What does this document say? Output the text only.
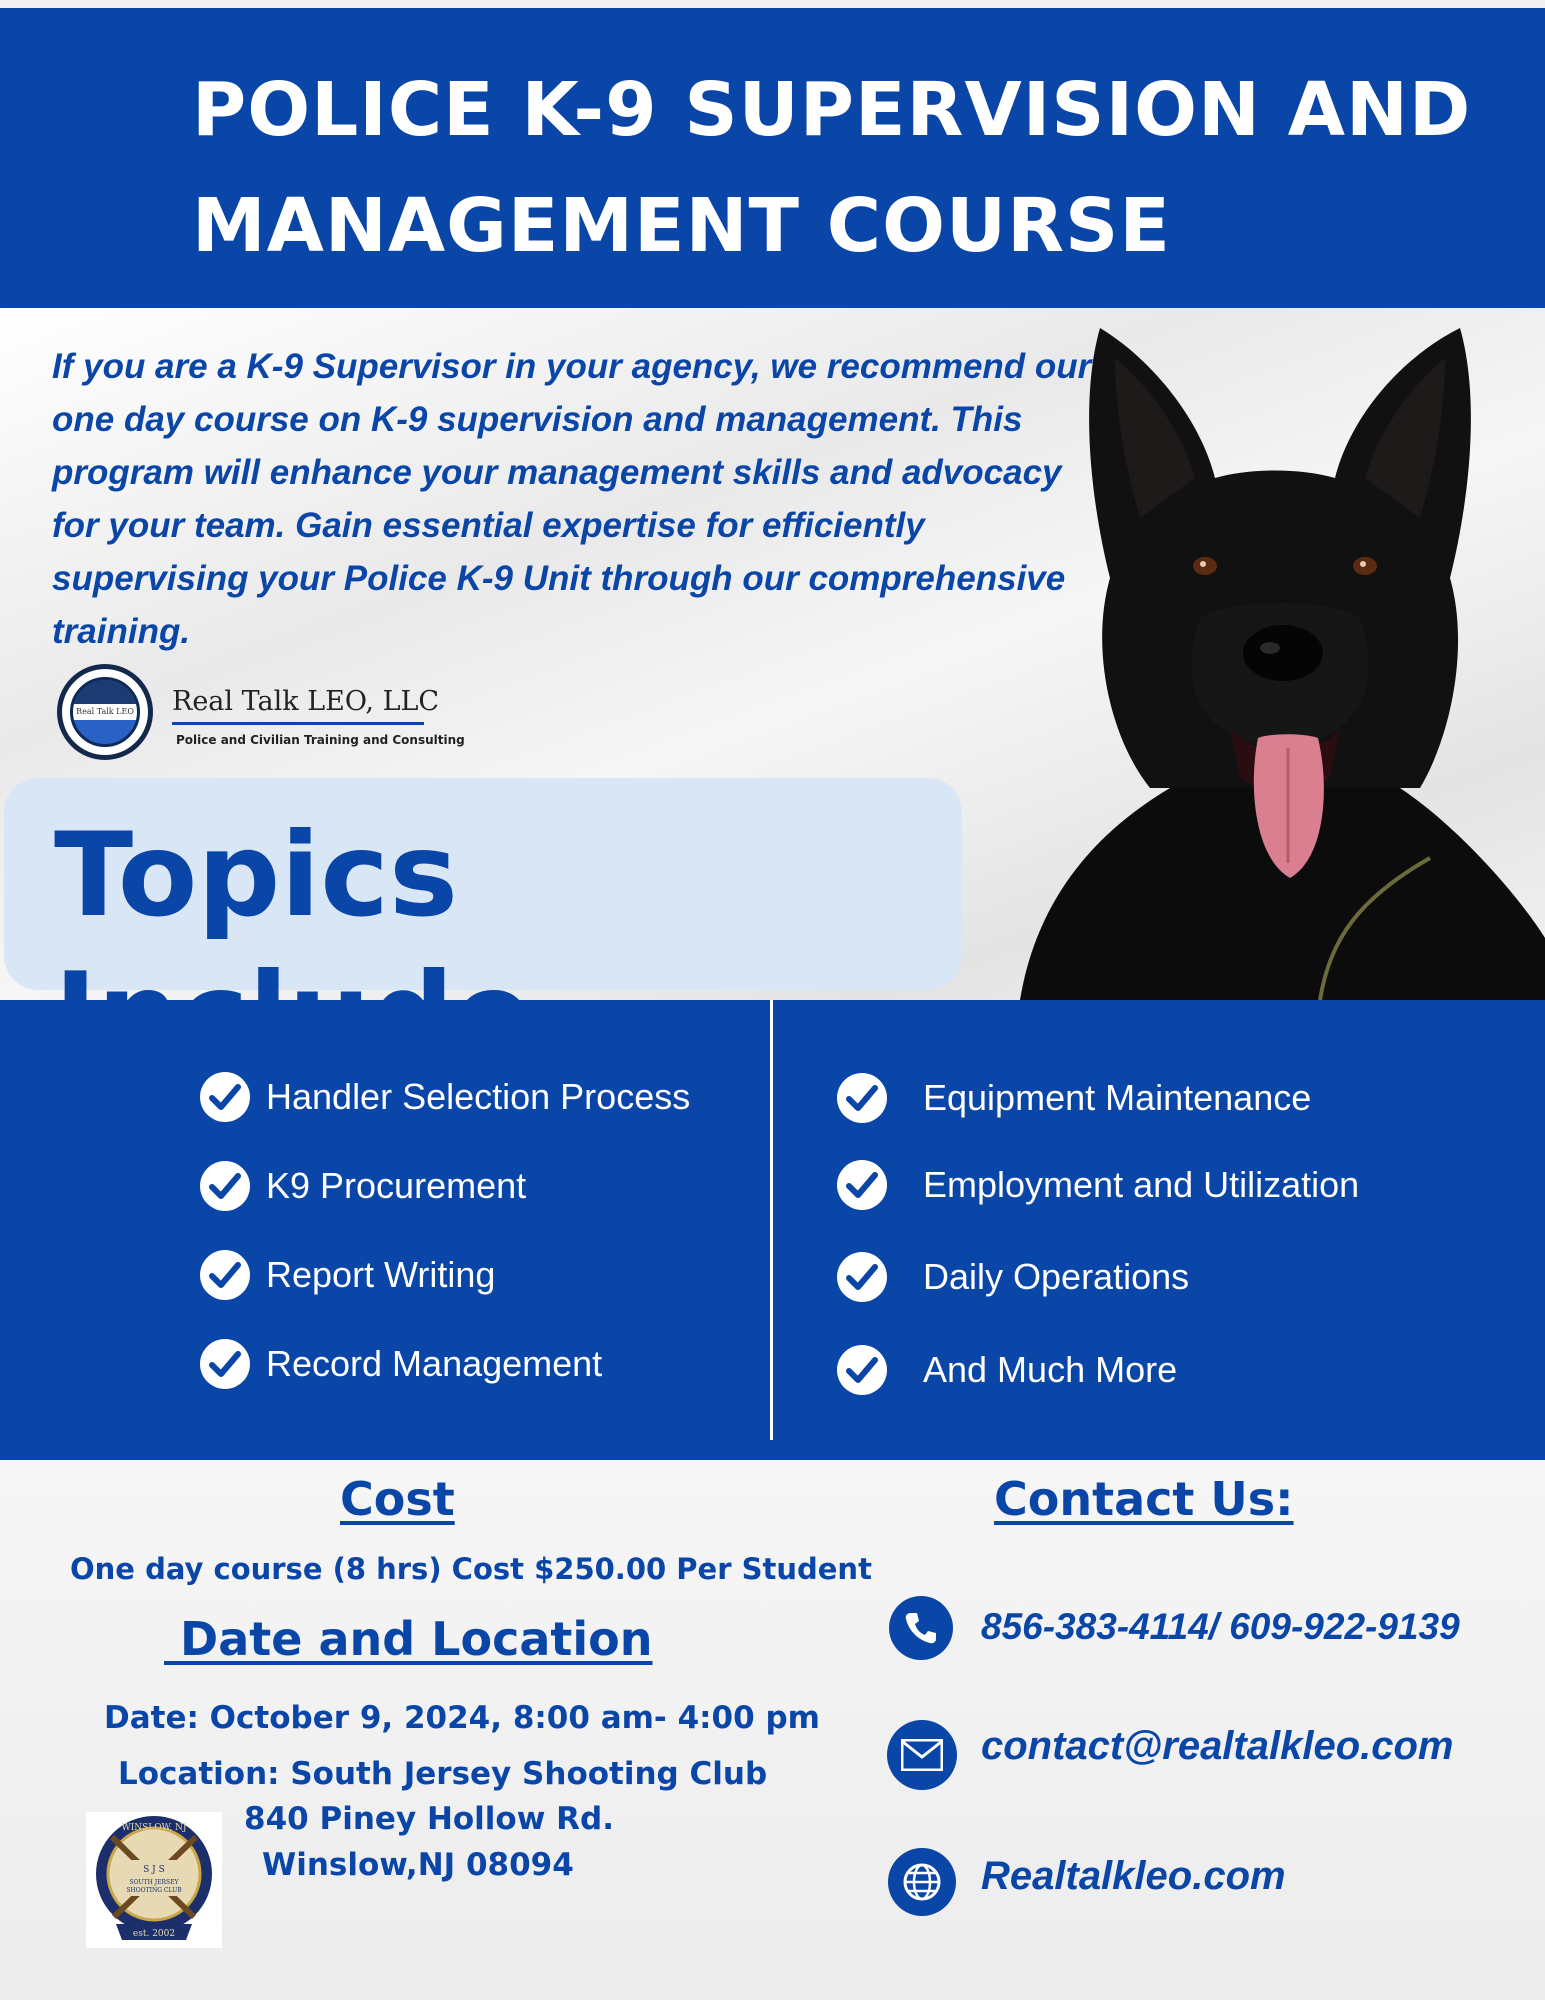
POLICE K-9 SUPERVISION AND
MANAGEMENT COURSE

If you are a K-9 Supervisor in your agency, we recommend our one day course on K-9 supervision and management. This program will enhance your management skills and advocacy for your team. Gain essential expertise for efficiently supervising your Police K-9 Unit through our comprehensive training.

Real Talk LEO Real Talk LEO, LLC

Police and Civilian Training and Consulting

Topics
Handler Selection Process
K9 Procurement
Report Writing
Record Management
Equipment Maintenance
Employment and Utilization
Daily Operations
And Much More

Cost

One day course (8 hrs) Cost $250.00 Per Student

Date and Location

Date: October 9, 2024, 8:00 am- 4:00 pm

Location: South Jersey Shooting Club

840 Piney Hollow Rd.

Winslow,NJ 08094

S J S
SOUTH JERSEY
SHOOTING CLUB
est. 2002
WINSLOW, NJ

Contact Us:

856-383-4114/ 609-922-9139

contact@realtalkleo.com

Realtalkleo.com
